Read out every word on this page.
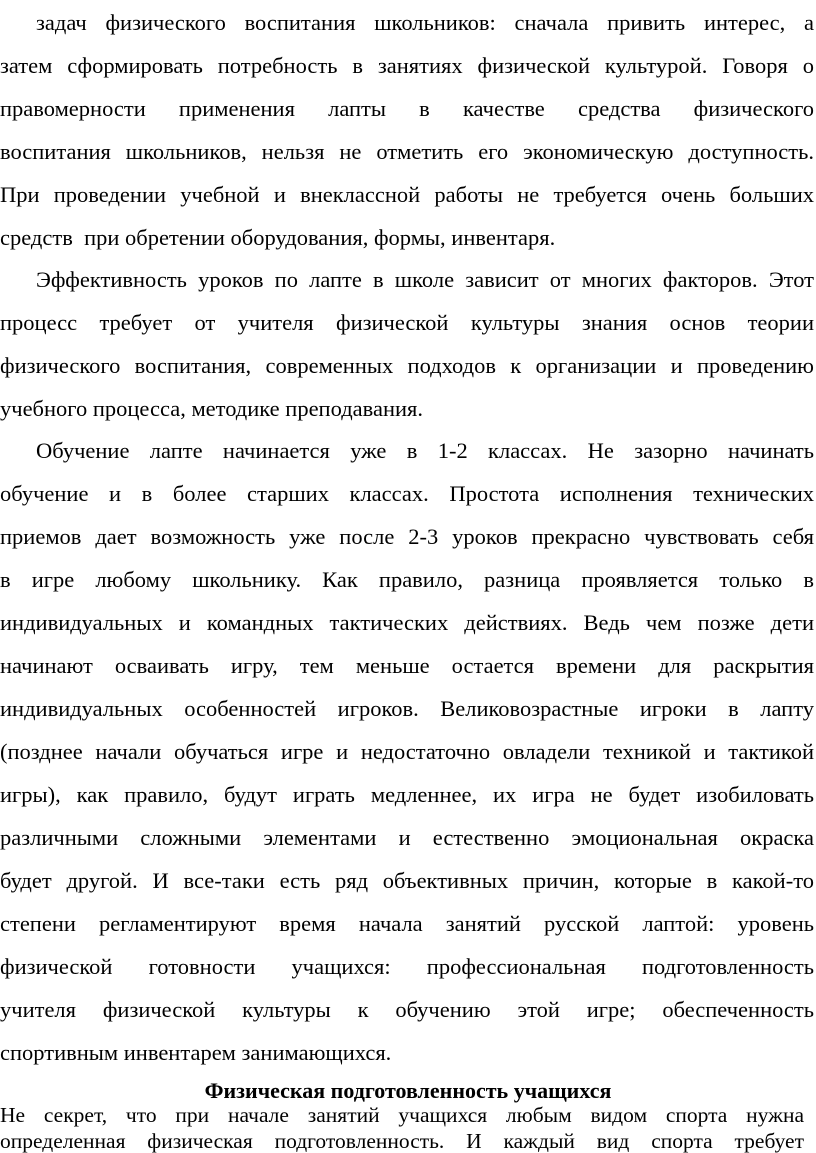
задач физического воспитания школьников: сначала привить интерес, а
затем сформировать потребность в занятиях физической культурой. Говоря о
правомерности применения лапты в качестве средства физического
воспитания школьников, нельзя не отметить его экономическую доступность.
При проведении учебной и внеклассной работы не требуется очень больших
средств  при обретении оборудования, формы, инвентаря.
Эффективность уроков по лапте в школе зависит от многих факторов. Этот
процесс требует от учителя физической культуры знания основ теории
физического воспитания, современных подходов к организации и проведению
учебного процесса, методике преподавания.
Обучение лапте начинается уже в 1-2 классах. Не зазорно начинать
обучение и в более старших классах. Простота исполнения технических
приемов дает возможность уже после 2-3 уроков прекрасно чувствовать себя
в игре любому школьнику. Как правило, разница проявляется только в
индивидуальных и командных тактических действиях. Ведь чем позже дети
начинают осваивать игру, тем меньше остается времени для раскрытия
индивидуальных особенностей игроков. Великовозрастные игроки в лапту
(позднее начали обучаться игре и недостаточно овладели техникой и тактикой
игры), как правило, будут играть медленнее, их игра не будет изобиловать
различными сложными элементами и естественно эмоциональная окраска
будет другой. И все-таки есть ряд объективных причин, которые в какой-то
степени регламентируют время начала занятий русской лаптой: уровень
физической готовности учащихся: профессиональная подготовленность
учителя физической культуры к обучению этой игре; обеспеченность
спортивным инвентарем занимающихся.
Физическая подготовленность учащихся
Не секрет, что при начале занятий учащихся любым видом спорта нужна
определенная физическая подготовленность. И каждый вид спорта требует
